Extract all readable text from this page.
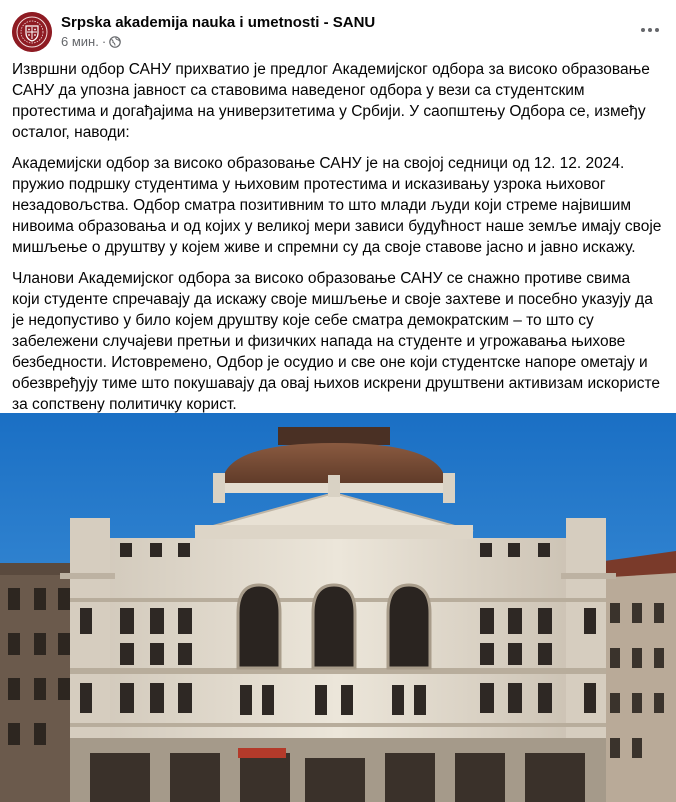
Srpska akademija nauka i umetnosti - SANU
6 мин. ·

Извршни одбор САНУ прихватио је предлог Академијског одбора за високо образовање САНУ да упозна јавност са ставовима наведеног одбора у вези са студентским протестима и догађајима на универзитетима у Србији. У саопштењу Одбора се, између осталог, наводи:

Академијски одбор за високо образовање САНУ је на својој седници од 12. 12. 2024. пружио подршку студентима у њиховим протестима и исказивању узрока њиховог незадовољства. Одбор сматра позитивним то што млади људи који стреме највишим нивоима образовања и од којих у великој мери зависи будућност наше земље имају своје мишљење о друштву у којем живе и спремни су да своје ставове јасно и јавно искажу.

Чланови Академијског одбора за високо образовање САНУ се снажно противе свима који студенте спречавају да искажу своје мишљење и своје захтеве и посебно указују да је недопустиво у било којем друштву које себе сматра демократским – то што су забележени случајеви претњи и физичких напада на студенте и угрожавања њихове безбедности. Истовремено, Одбор је осудио и све оне који студентске напоре ометају и обезвређују тиме што покушавају да овај њихов искрени друштвени активизам искористе за сопствену политичку корист.
